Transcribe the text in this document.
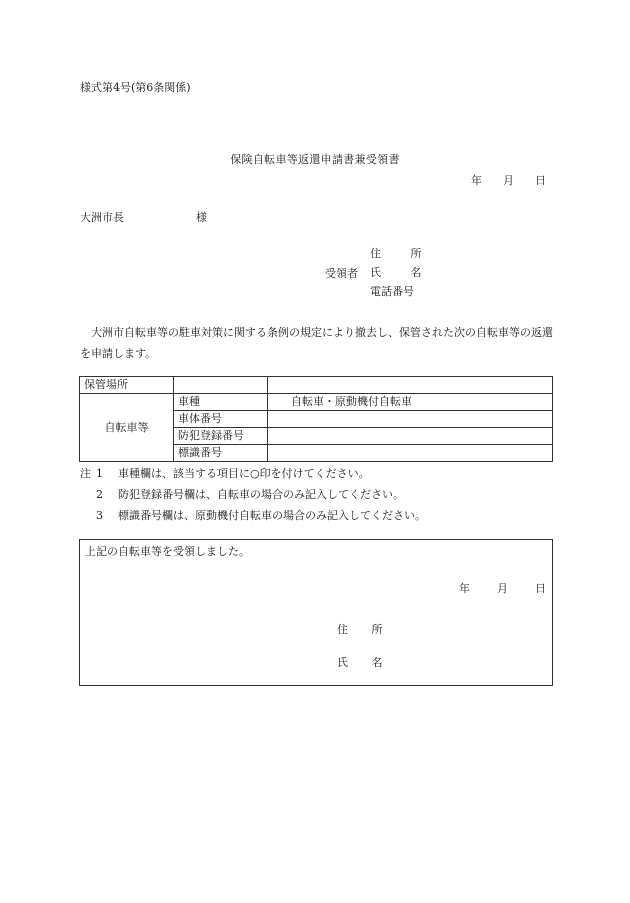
様式第4号(第6条関係)
保険自転車等返還申請書兼受領書
年 月 日
大洲市長	様
受領者
住 所
氏 名
電話番号
大洲市自転車等の駐車対策に関する条例の規定により撤去し、保管された次の自転車等の返還を申請します。
保管場所		
自転車等	車種	自転車・原動機付自転車
	車体番号	
	防犯登録番号	
	標識番号	
注 1 車種欄は、該当する項目に○印を付けてください。
2 防犯登録番号欄は、自転車の場合のみ記入してください。
3 標識番号欄は、原動機付自転車の場合のみ記入してください。
上記の自転車等を受領しました。
年 月 日
住 所
氏 名
